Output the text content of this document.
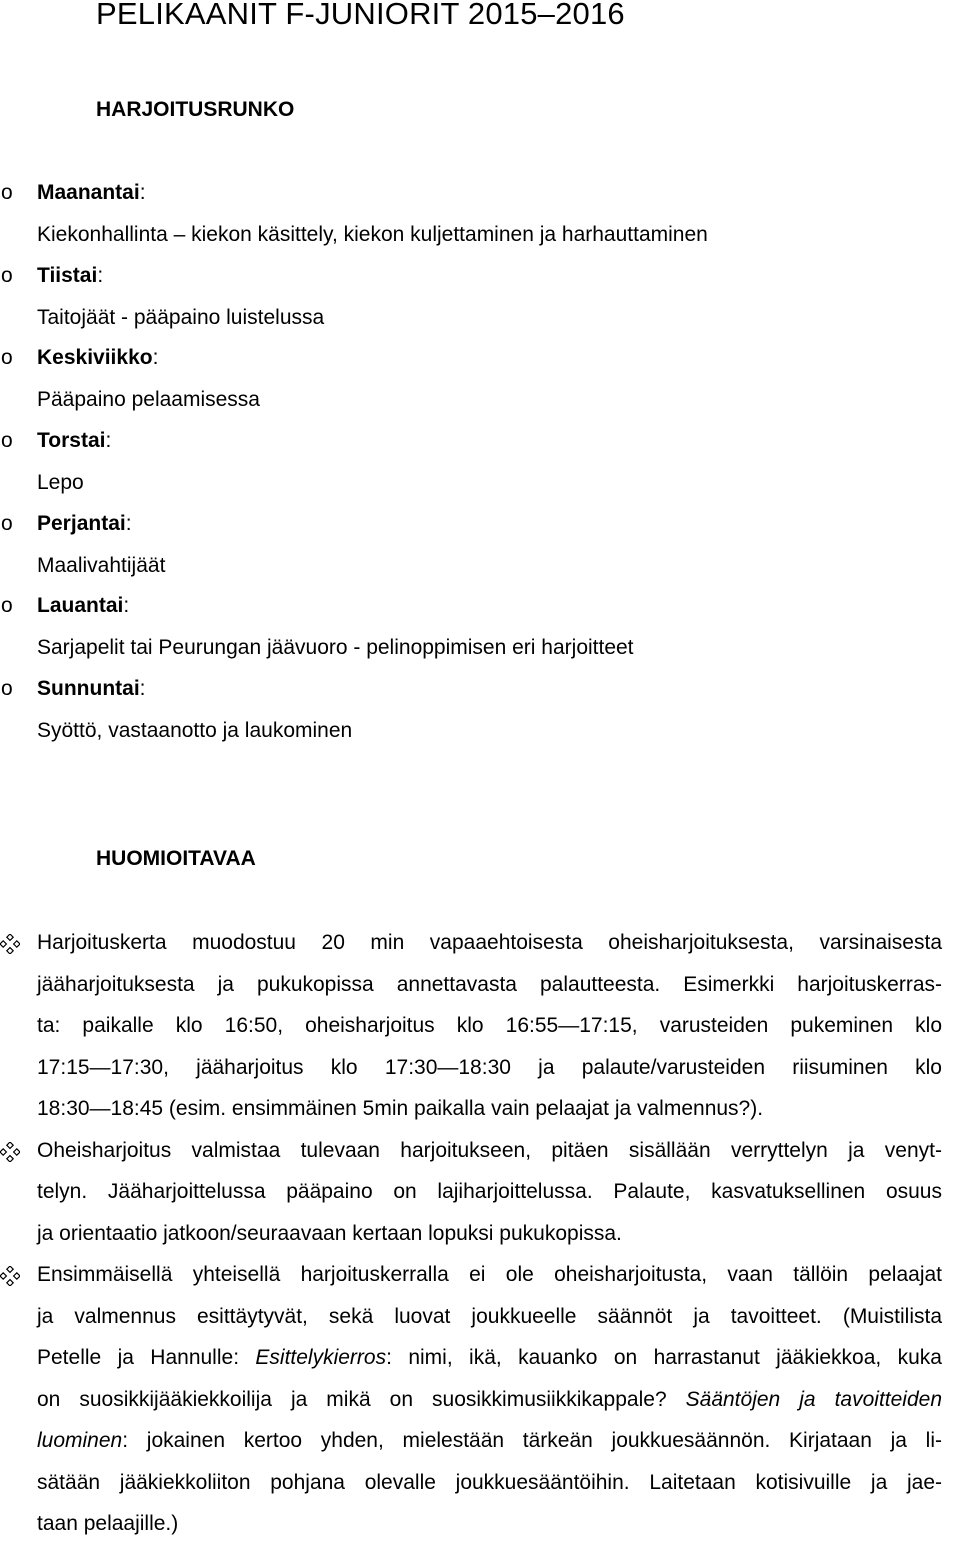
PELIKAANIT F-JUNIORIT 2015–2016
HARJOITUSRUNKO
o Maanantai:
Kiekonhallinta – kiekon käsittely, kiekon kuljettaminen ja harhauttaminen
o Tiistai:
Taitojäät - pääpaino luistelussa
o Keskiviikko:
Pääpaino pelaamisessa
o Torstai:
Lepo
o Perjantai:
Maalivahtijäät
o Lauantai:
Sarjapelit tai Peurungan jäävuoro - pelinoppimisen eri harjoitteet
o Sunnuntai:
Syöttö, vastaanotto ja laukominen
HUOMIOITAVAA
Harjoituskerta muodostuu 20 min vapaaehtoisesta oheisharjoituksesta, varsinaisesta
jääharjoituksesta ja pukukopissa annettavasta palautteesta. Esimerkki harjoituskerras-
ta: paikalle klo 16:50, oheisharjoitus klo 16:55—17:15, varusteiden pukeminen klo
17:15—17:30, jääharjoitus klo 17:30—18:30 ja palaute/varusteiden riisuminen klo
18:30—18:45 (esim. ensimmäinen 5min paikalla vain pelaajat ja valmennus?).
Oheisharjoitus valmistaa tulevaan harjoitukseen, pitäen sisällään verryttelyn ja venyt-
telyn. Jääharjoittelussa pääpaino on lajiharjoittelussa. Palaute, kasvatuksellinen osuus
ja orientaatio jatkoon/seuraavaan kertaan lopuksi pukukopissa.
Ensimmäisellä yhteisellä harjoituskerralla ei ole oheisharjoitusta, vaan tällöin pelaajat
ja valmennus esittäytyvät, sekä luovat joukkueelle säännöt ja tavoitteet. (Muistilista
Petelle ja Hannulle: Esittelykierros: nimi, ikä, kauanko on harrastanut jääkiekkoa, kuka
on suosikkijääkiekkoilija ja mikä on suosikkimusiikkikappale? Sääntöjen ja tavoitteiden
luominen: jokainen kertoo yhden, mielestään tärkeän joukkuesäännön. Kirjataan ja li-
sätään jääkiekkoliiton pohjana olevalle joukkuesääntöihin. Laitetaan kotisivuille ja jae-
taan pelaajille.)
